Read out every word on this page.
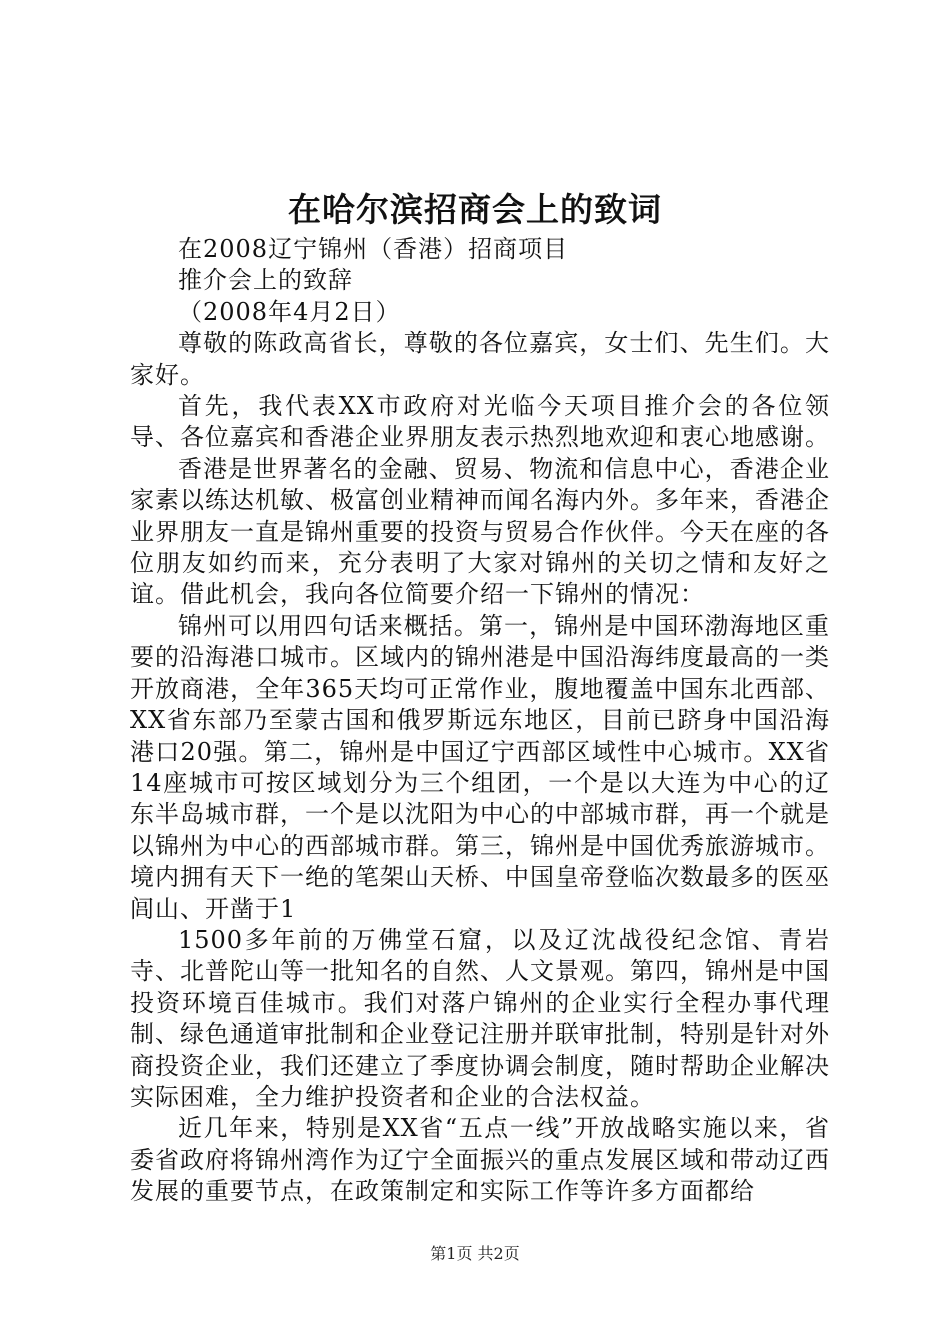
在哈尔滨招商会上的致词

在2008辽宁锦州（香港）招商项目

推介会上的致辞

（2008年4月2日）

尊敬的陈政高省长，尊敬的各位嘉宾，女士们、先生们。大家好。

首先，我代表XX市政府对光临今天项目推介会的各位领导、各位嘉宾和香港企业界朋友表示热烈地欢迎和衷心地感谢。

香港是世界著名的金融、贸易、物流和信息中心，香港企业家素以练达机敏、极富创业精神而闻名海内外。多年来，香港企业界朋友一直是锦州重要的投资与贸易合作伙伴。今天在座的各位朋友如约而来，充分表明了大家对锦州的关切之情和友好之谊。借此机会，我向各位简要介绍一下锦州的情况：

锦州可以用四句话来概括。第一，锦州是中国环渤海地区重要的沿海港口城市。区域内的锦州港是中国沿海纬度最高的一类开放商港，全年365天均可正常作业，腹地覆盖中国东北西部、XX省东部乃至蒙古国和俄罗斯远东地区，目前已跻身中国沿海港口20强。第二，锦州是中国辽宁西部区域性中心城市。XX省14座城市可按区域划分为三个组团，一个是以大连为中心的辽东半岛城市群，一个是以沈阳为中心的中部城市群，再一个就是以锦州为中心的西部城市群。第三，锦州是中国优秀旅游城市。境内拥有天下一绝的笔架山天桥、中国皇帝登临次数最多的医巫闾山、开凿于1

1500多年前的万佛堂石窟，以及辽沈战役纪念馆、青岩寺、北普陀山等一批知名的自然、人文景观。第四，锦州是中国投资环境百佳城市。我们对落户锦州的企业实行全程办事代理制、绿色通道审批制和企业登记注册并联审批制，特别是针对外商投资企业，我们还建立了季度协调会制度，随时帮助企业解决实际困难，全力维护投资者和企业的合法权益。

近几年来，特别是XX省“五点一线”开放战略实施以来，省委省政府将锦州湾作为辽宁全面振兴的重点发展区域和带动辽西发展的重要节点，在政策制定和实际工作等许多方面都给

第1页 共2页
